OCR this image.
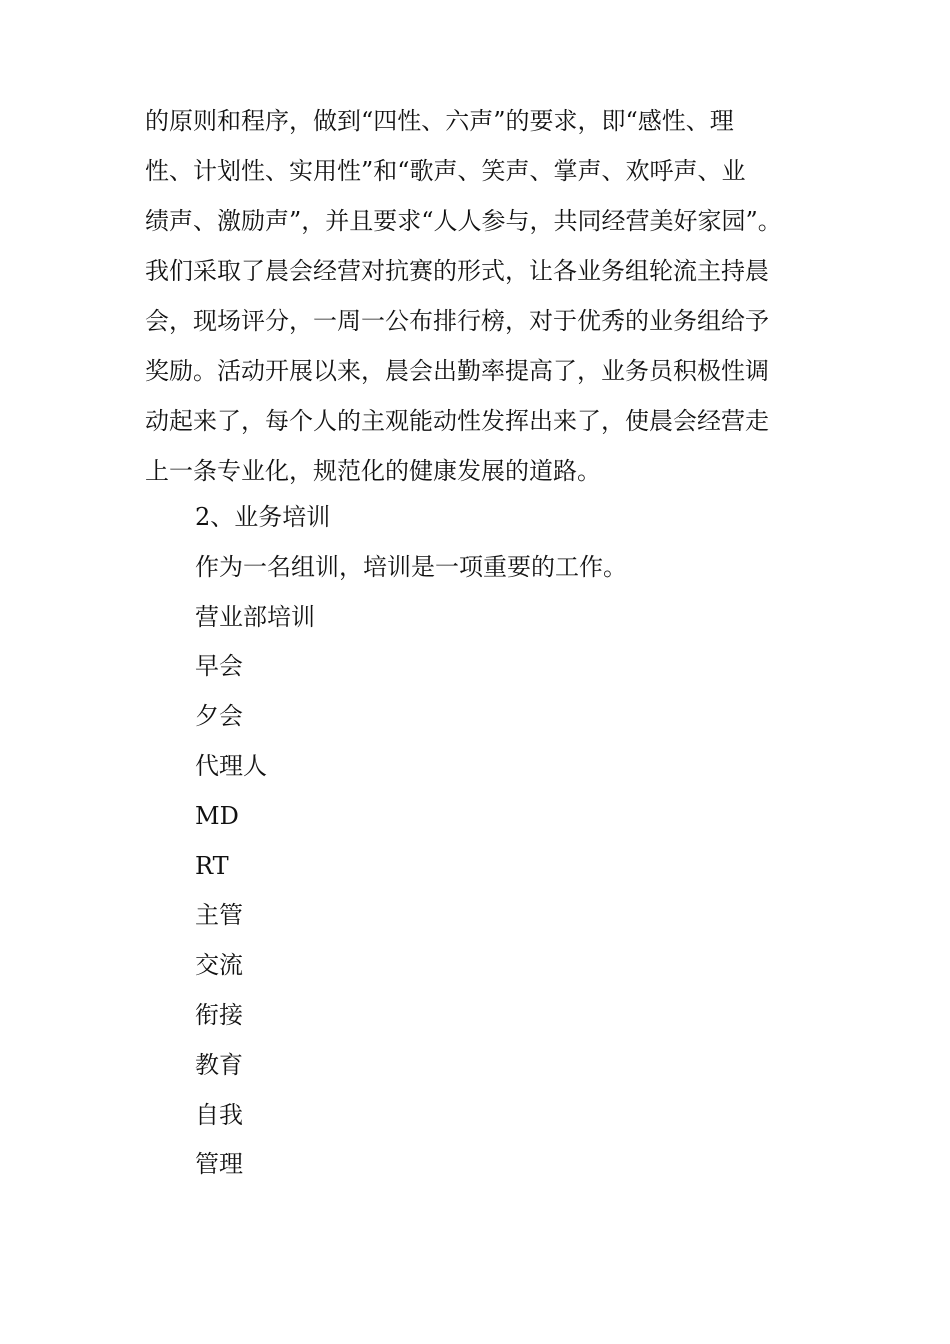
的原则和程序，做到“四性、六声”的要求，即“感性、理
性、计划性、实用性”和“歌声、笑声、掌声、欢呼声、业
绩声、激励声”，并且要求“人人参与，共同经营美好家园”。
我们采取了晨会经营对抗赛的形式，让各业务组轮流主持晨
会，现场评分，一周一公布排行榜，对于优秀的业务组给予
奖励。活动开展以来，晨会出勤率提高了，业务员积极性调
动起来了，每个人的主观能动性发挥出来了，使晨会经营走
上一条专业化，规范化的健康发展的道路。
2、业务培训
作为一名组训，培训是一项重要的工作。
营业部培训
早会
夕会
代理人
MD
RT
主管
交流
衔接
教育
自我
管理
